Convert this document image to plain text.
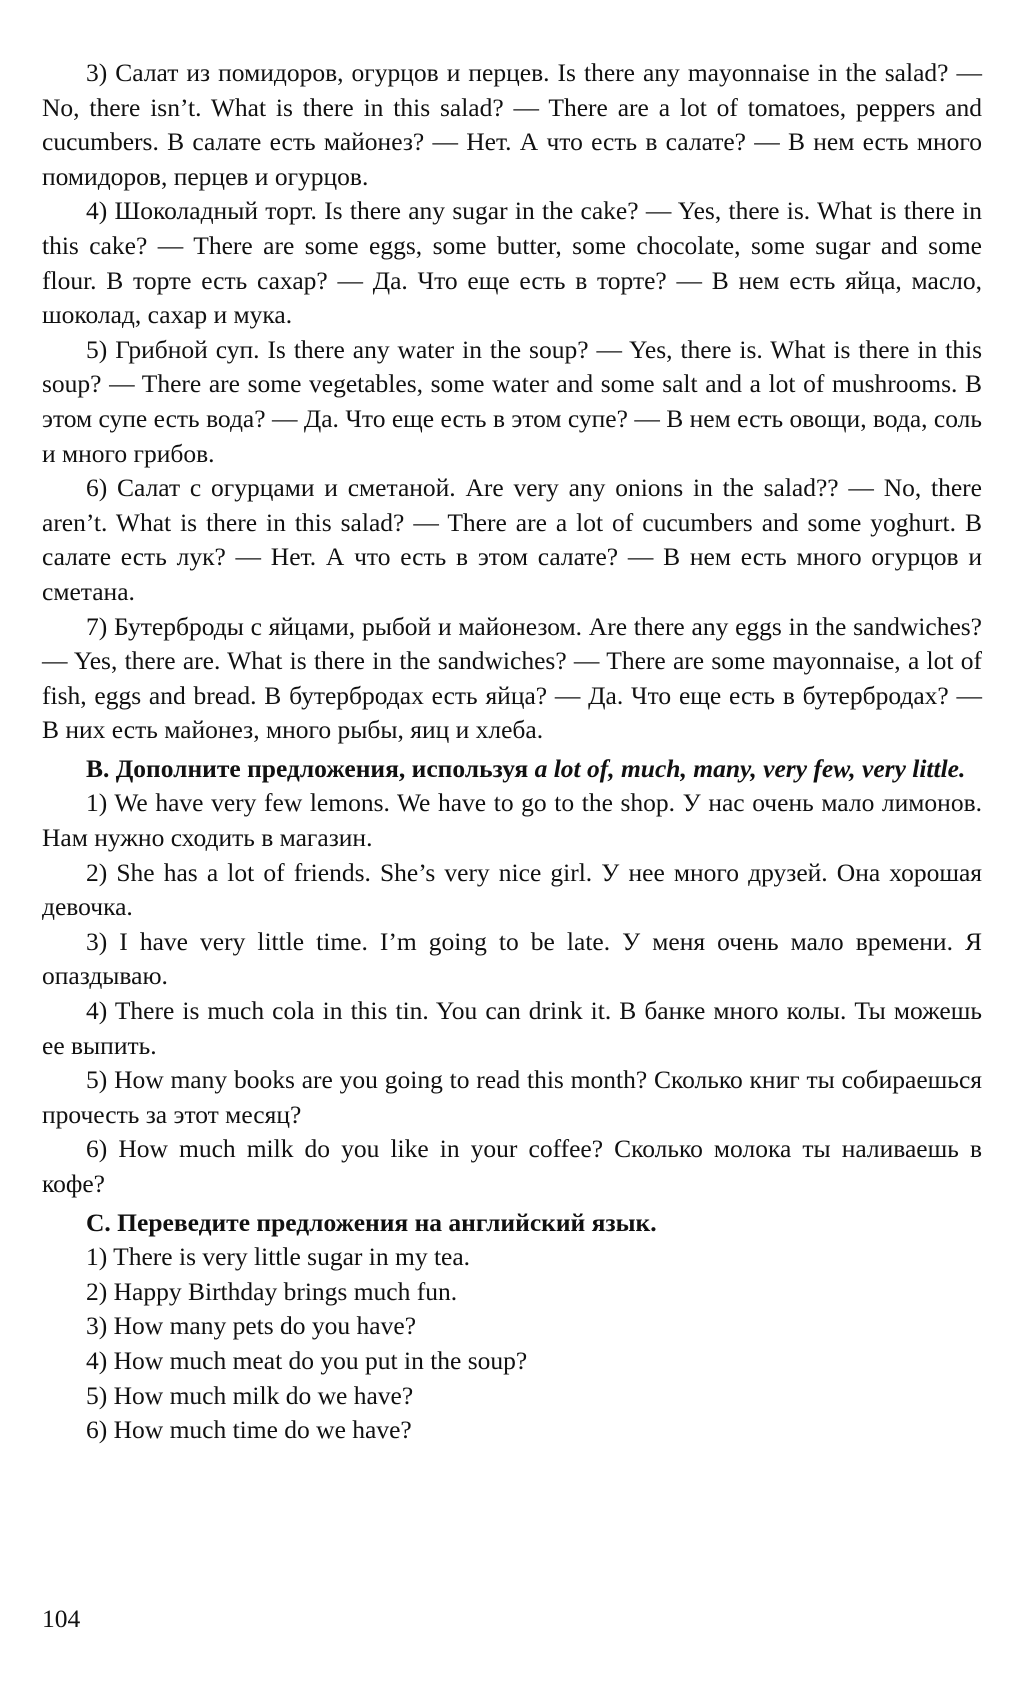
3) Салат из помидоров, огурцов и перцев. Is there any mayonnaise in the salad? — No, there isn’t. What is there in this salad? — There are a lot of tomatoes, peppers and cucumbers. В салате есть майонез? — Нет. А что есть в салате? — В нем есть много помидоров, перцев и огурцов.

4) Шоколадный торт. Is there any sugar in the cake? — Yes, there is. What is there in this cake? — There are some eggs, some butter, some chocolate, some sugar and some flour. В торте есть сахар? — Да. Что еще есть в торте? — В нем есть яйца, масло, шоколад, сахар и мука.

5) Грибной суп. Is there any water in the soup? — Yes, there is. What is there in this soup? — There are some vegetables, some water and some salt and a lot of mushrooms. В этом супе есть вода? — Да. Что еще есть в этом супе? — В нем есть овощи, вода, соль и много грибов.

6) Салат с огурцами и сметаной. Are very any onions in the salad?? — No, there aren’t. What is there in this salad? — There are a lot of cucumbers and some yoghurt. В салате есть лук? — Нет. А что есть в этом салате? — В нем есть много огурцов и сметана.

7) Бутерброды с яйцами, рыбой и майонезом. Are there any eggs in the sandwiches? — Yes, there are. What is there in the sandwiches? — There are some mayonnaise, a lot of fish, eggs and bread. В бутербродах есть яйца? — Да. Что еще есть в бутербродах? — В них есть майонез, много рыбы, яиц и хлеба.

B. Дополните предложения, используя a lot of, much, many, very few, very little.

1) We have very few lemons. We have to go to the shop. У нас очень мало лимонов. Нам нужно сходить в магазин.

2) She has a lot of friends. She’s very nice girl. У нее много друзей. Она хорошая девочка.

3) I have very little time. I’m going to be late. У меня очень мало времени. Я опаздываю.

4) There is much cola in this tin. You can drink it. В банке много колы. Ты можешь ее выпить.

5) How many books are you going to read this month? Сколько книг ты собираешься прочесть за этот месяц?

6) How much milk do you like in your coffee? Сколько молока ты наливаешь в кофе?

C. Переведите предложения на английский язык.

1) There is very little sugar in my tea.

2) Happy Birthday brings much fun.

3) How many pets do you have?

4) How much meat do you put in the soup?

5) How much milk do we have?

6) How much time do we have?

104
